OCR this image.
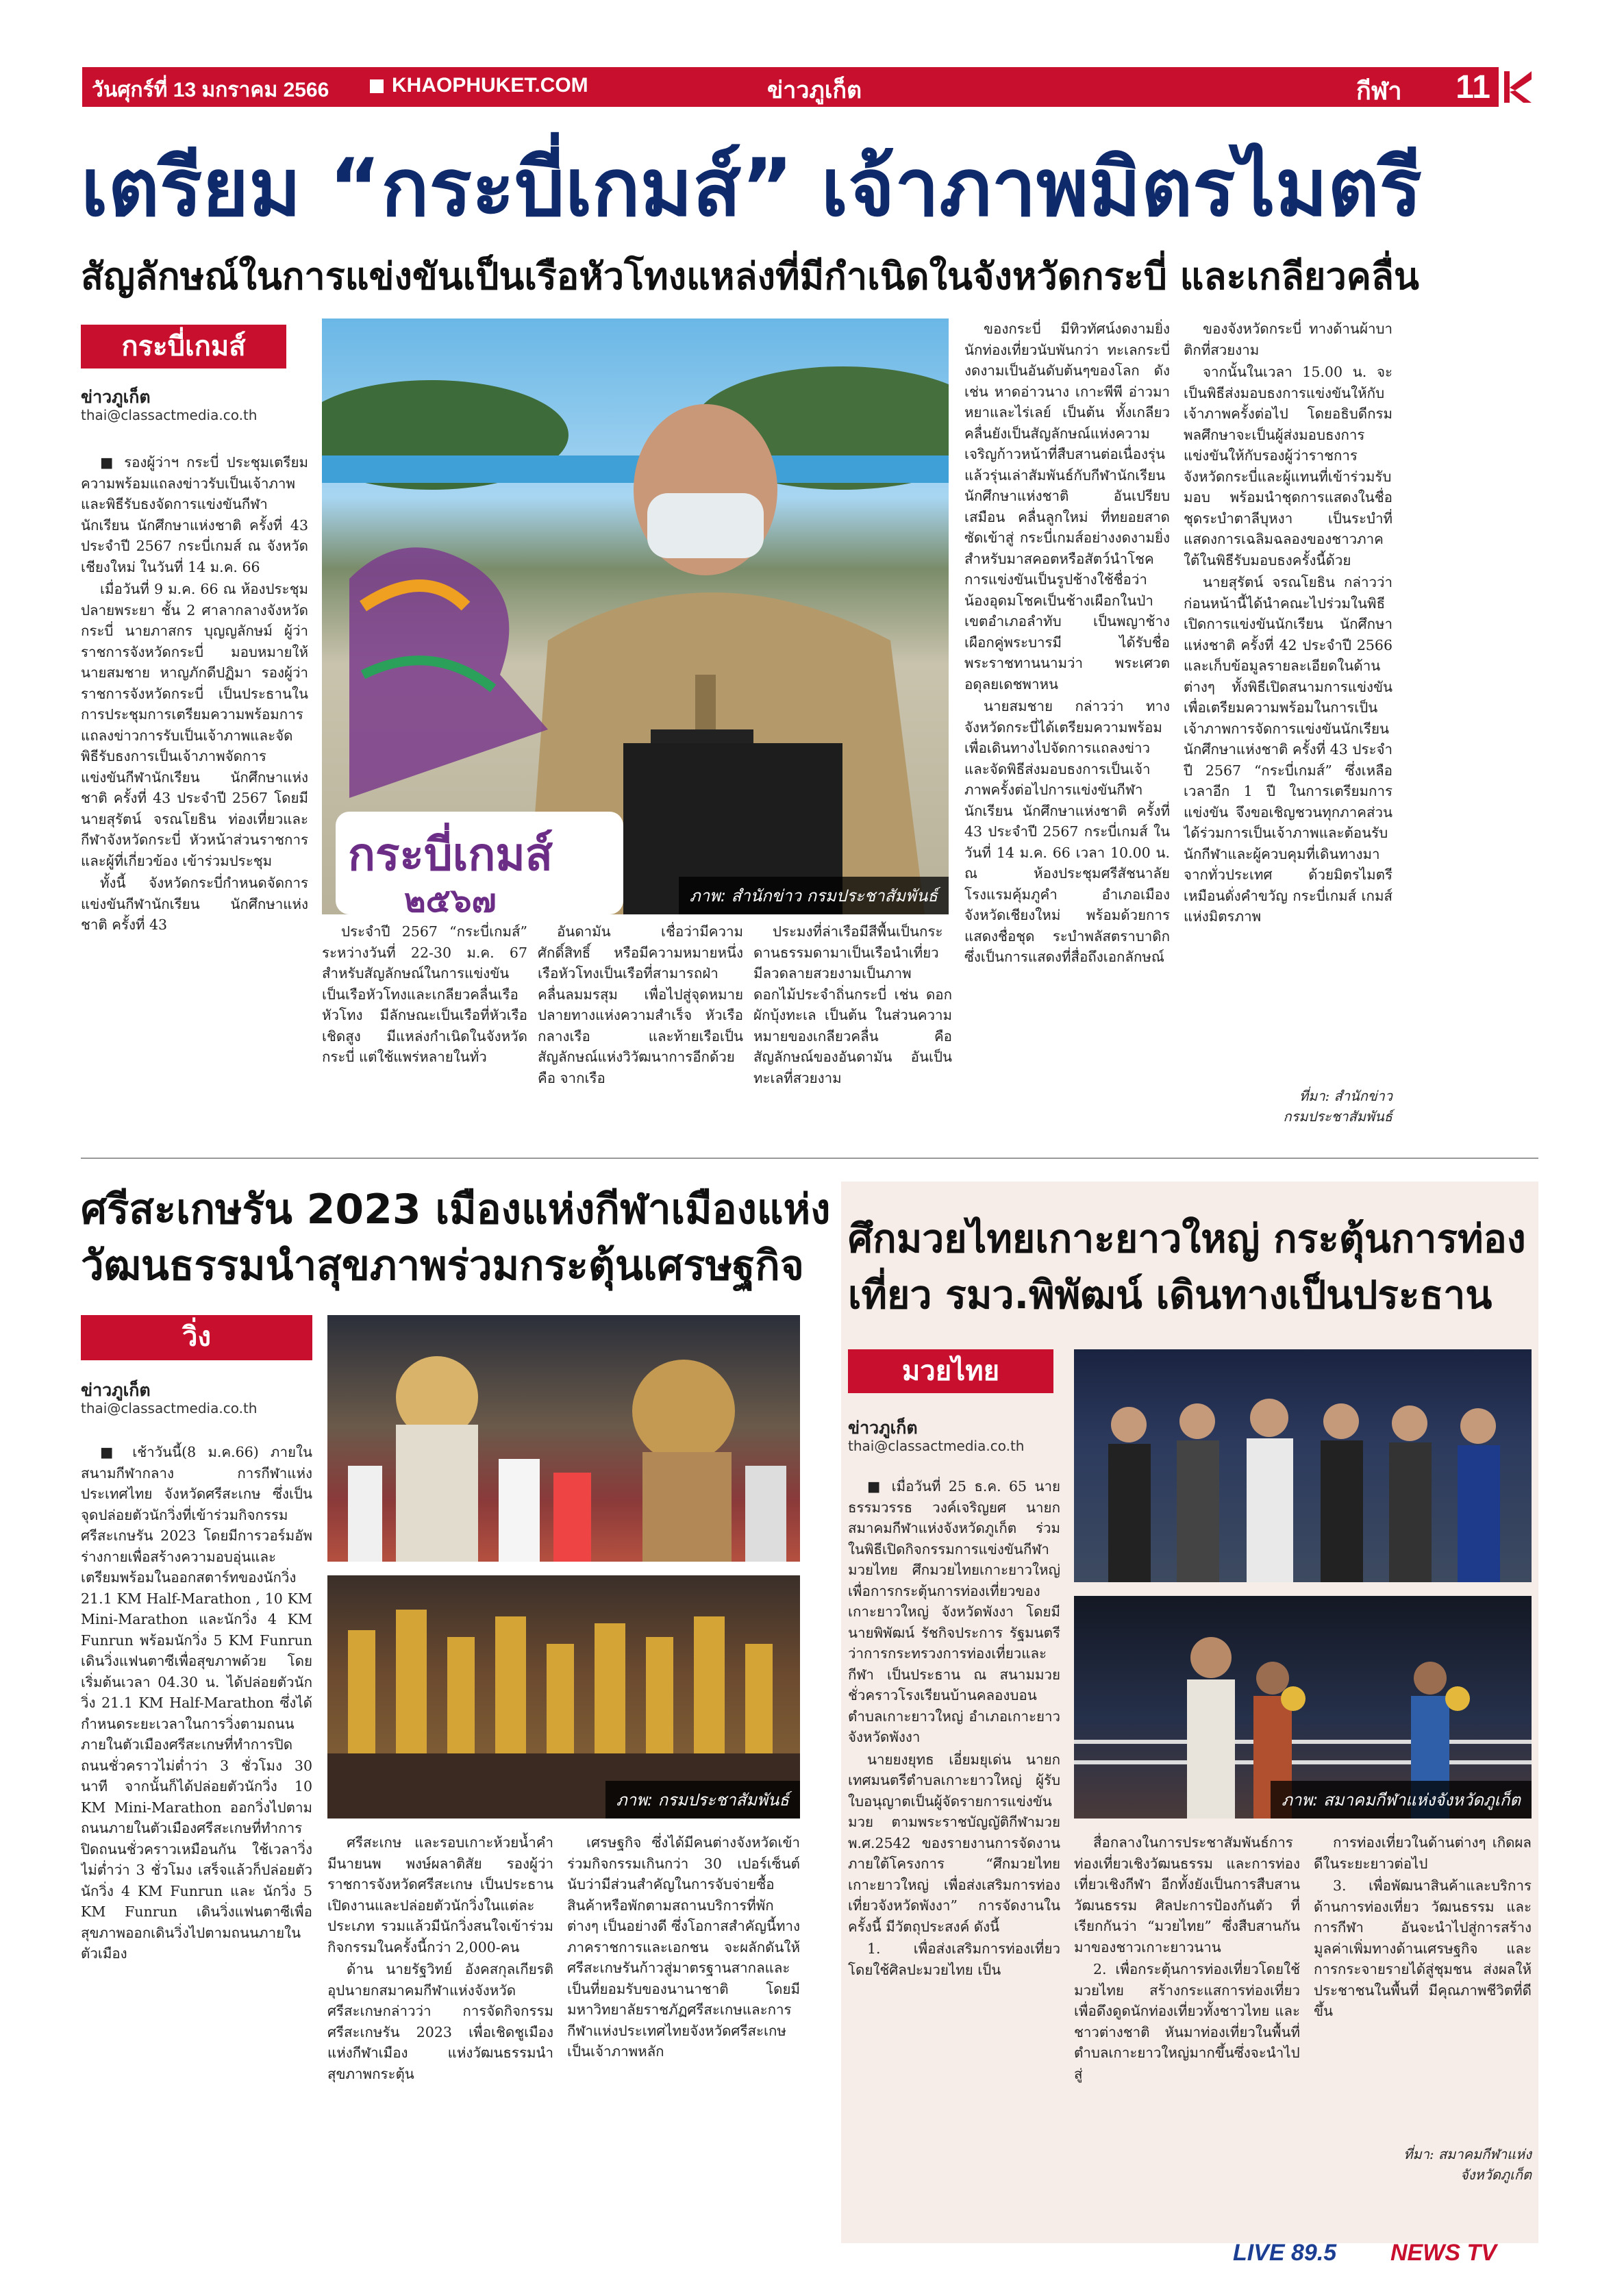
วันศุกร์ที่ 13 มกราคม 2566	KHAOPHUKET.COM	ข่าวภูเก็ต	กีฬา 11
เตรียม “กระบี่เกมส์” เจ้าภาพมิตรไมตรี
สัญลักษณ์ในการแข่งขันเป็นเรือหัวโทงแหล่งที่มีกำเนิดในจังหวัดกระบี่ และเกลียวคลื่น
กระบี่เกมส์
ข่าวภูเก็ต
thai@classactmedia.co.th

■ รองผู้ว่าฯ กระบี่ ประชุมเตรียมความพร้อมแถลงข่าวรับเป็นเจ้าภาพ และพิธีรับธงจัดการแข่งขันกีฬานักเรียน นักศึกษาแห่งชาติ ครั้งที่ 43 ประจำปี 2567 กระบี่เกมส์ ณ จังหวัดเชียงใหม่ ในวันที่ 14 ม.ค. 66

เมื่อวันที่ 9 ม.ค. 66 ณ ห้องประชุมปลายพระยา ชั้น 2 ศาลากลางจังหวัดกระบี่ นายภาสกร บุญญลักษม์ ผู้ว่าราชการจังหวัดกระบี่ มอบหมายให้ นายสมชาย หาญภักดีปฏิมา รองผู้ว่าราชการจังหวัดกระบี่ เป็นประธานในการประชุมการเตรียมความพร้อมการแถลงข่าวการรับเป็นเจ้าภาพและจัดพิธีรับธงการเป็นเจ้าภาพจัดการแข่งขันกีฬานักเรียน นักศึกษาแห่งชาติ ครั้งที่ 43 ประจำปี 2567 โดยมี นายสุรัตน์ จรณโยธิน ท่องเที่ยวและกีฬาจังหวัดกระบี่ หัวหน้าส่วนราชการและผู้ที่เกี่ยวข้อง เข้าร่วมประชุม

ทั้งนี้ จังหวัดกระบี่กำหนดจัดการแข่งขันกีฬานักเรียน นักศึกษาแห่งชาติ ครั้งที่ 43

กระบี่เกมส์
๒๕๖๗	ภาพ: สำนักข่าว กรมประชาสัมพันธ์

ประจำปี 2567 “กระบี่เกมส์” ระหว่างวันที่ 22-30 ม.ค. 67 สำหรับสัญลักษณ์ในการแข่งขันเป็นเรือหัวโทงและเกลียวคลื่นเรือหัวโทง มีลักษณะเป็นเรือที่หัวเรือเชิดสูง มีแหล่งกำเนิดในจังหวัดกระบี่ แต่ใช้แพร่หลายในทั่ว

อันดามัน เชื่อว่ามีความศักดิ์สิทธิ์ หรือมีความหมายหนึ่งเรือหัวโทงเป็นเรือที่สามารถฝ่าคลื่นลมมรสุม เพื่อไปสู่จุดหมายปลายทางแห่งความสำเร็จ หัวเรือ กลางเรือ และท้ายเรือเป็นสัญลักษณ์แห่งวิวัฒนาการอีกด้วย คือ จากเรือ

ประมงที่ล่าเรือมีสีพื้นเป็นกระดานธรรมดามาเป็นเรือนำเที่ยว มีลวดลายสวยงามเป็นภาพดอกไม้ประจำถิ่นกระบี่ เช่น ดอกผักบุ้งทะเล เป็นต้น ในส่วนความหมายของเกลียวคลื่น คือสัญลักษณ์ของอันดามัน อันเป็นทะเลที่สวยงาม

ของกระบี่ มีทิวทัศน์งดงามยิ่ง นักท่องเที่ยวนับพันกว่า ทะเลกระบี่งดงามเป็นอันดับต้นๆของโลก ดังเช่น หาดอ่าวนาง เกาะพีพี อ่าวมาหยาและไร่เลย์ เป็นต้น ทั้งเกลียวคลื่นยังเป็นสัญลักษณ์แห่งความเจริญก้าวหน้าที่สืบสานต่อเนื่องรุ่นแล้วรุ่นเล่าสัมพันธ์กับกีฬานักเรียน นักศึกษาแห่งชาติ อันเปรียบเสมือน คลื่นลูกใหม่ ที่ทยอยสาดซัดเข้าสู่ กระบี่เกมส์อย่างงดงามยิ่ง สำหรับมาสคอตหรือสัตว์นำโชคการแข่งขันเป็นรูปช้างใช้ชื่อว่าน้องอุดมโชคเป็นช้างเผือกในป่าเขตอำเภอลำทับ เป็นพญาช้างเผือกคู่พระบารมี ได้รับชื่อพระราชทานนามว่า พระเศวตอดุลยเดชพาหน

นายสมชาย กล่าวว่า ทางจังหวัดกระบี่ได้เตรียมความพร้อมเพื่อเดินทางไปจัดการแถลงข่าวและจัดพิธีส่งมอบธงการเป็นเจ้าภาพครั้งต่อไปการแข่งขันกีฬานักเรียน นักศึกษาแห่งชาติ ครั้งที่ 43 ประจำปี 2567 กระบี่เกมส์ ในวันที่ 14 ม.ค. 66 เวลา 10.00 น. ณ ห้องประชุมศรีสัชนาลัย โรงแรมคุ้มภูคำ อำเภอเมือง จังหวัดเชียงใหม่ พร้อมด้วยการแสดงชื่อชุด ระบำพลัสตราบาดิก ซึ่งเป็นการแสดงที่สื่อถึงเอกลักษณ์

ของจังหวัดกระบี่ ทางด้านผ้าบาติกที่สวยงาม

จากนั้นในเวลา 15.00 น. จะเป็นพิธีส่งมอบธงการแข่งขันให้กับเจ้าภาพครั้งต่อไป โดยอธิบดีกรมพลศึกษาจะเป็นผู้ส่งมอบธงการแข่งขันให้กับรองผู้ว่าราชการจังหวัดกระบี่และผู้แทนที่เข้าร่วมรับมอบ พร้อมนำชุดการแสดงในชื่อชุดระบำตาลีบุหงา เป็นระบำที่แสดงการเฉลิมฉลองของชาวภาคใต้ในพิธีรับมอบธงครั้งนี้ด้วย

นายสุรัตน์ จรณโยธิน กล่าวว่า ก่อนหน้านี้ได้นำคณะไปร่วมในพิธีเปิดการแข่งขันนักเรียน นักศึกษาแห่งชาติ ครั้งที่ 42 ประจำปี 2566 และเก็บข้อมูลรายละเอียดในด้านต่างๆ ทั้งพิธีเปิดสนามการแข่งขันเพื่อเตรียมความพร้อมในการเป็นเจ้าภาพการจัดการแข่งขันนักเรียน นักศึกษาแห่งชาติ ครั้งที่ 43 ประจำปี 2567 “กระบี่เกมส์” ซึ่งเหลือเวลาอีก 1 ปี ในการเตรียมการแข่งขัน จึงขอเชิญชวนทุกภาคส่วนได้ร่วมการเป็นเจ้าภาพและต้อนรับนักกีฬาและผู้ควบคุมที่เดินทางมาจากทั่วประเทศ ด้วยมิตรไมตรีเหมือนดั่งคำขวัญ กระบี่เกมส์ เกมส์แห่งมิตรภาพ

ที่มา: สำนักข่าว
กรมประชาสัมพันธ์
ศรีสะเกษรัน 2023 เมืองแห่งกีฬาเมืองแห่ง
วัฒนธรรมนำสุขภาพร่วมกระตุ้นเศรษฐกิจ
วิ่ง
ข่าวภูเก็ต
thai@classactmedia.co.th

■ เช้าวันนี้(8 ม.ค.66) ภายในสนามกีฬากลาง การกีฬาแห่งประเทศไทย จังหวัดศรีสะเกษ ซึ่งเป็นจุดปล่อยตัวนักวิ่งที่เข้าร่วมกิจกรรมศรีสะเกษรัน 2023 โดยมีการวอร์มอัพร่างกายเพื่อสร้างความอบอุ่นและเตรียมพร้อมในออกสตาร์ทของนักวิ่ง 21.1 KM Half-Marathon , 10 KM Mini-Marathon และนักวิ่ง 4 KM Funrun พร้อมนักวิ่ง 5 KM Funrun เดินวิ่งแฟนตาซีเพื่อสุขภาพด้วย โดยเริ่มต้นเวลา 04.30 น. ได้ปล่อยตัวนักวิ่ง 21.1 KM Half-Marathon ซึ่งได้กำหนดระยะเวลาในการวิ่งตามถนนภายในตัวเมืองศรีสะเกษที่ทำการปิดถนนชั่วคราวไม่ต่ำว่า 3 ชั่วโมง 30 นาที จากนั้นก็ได้ปล่อยตัวนักวิ่ง 10 KM Mini-Marathon ออกวิ่งไปตามถนนภายในตัวเมืองศรีสะเกษที่ทำการปิดถนนชั่วคราวเหมือนกัน ใช้เวลาวิ่งไม่ต่ำว่า 3 ชั่วโมง เสร็จแล้วก็ปล่อยตัวนักวิ่ง 4 KM Funrun และ นักวิ่ง 5 KM Funrun เดินวิ่งแฟนตาซีเพื่อสุขภาพออกเดินวิ่งไปตามถนนภายในตัวเมือง

ภาพ: กรมประชาสัมพันธ์

ศรีสะเกษ และรอบเกาะห้วยน้ำคำ มีนายนพ พงษ์ผลาติสัย รองผู้ว่าราชการจังหวัดศรีสะเกษ เป็นประธานเปิดงานและปล่อยตัวนักวิ่งในแต่ละประเภท รวมแล้วมีนักวิ่งสนใจเข้าร่วมกิจกรรมในครั้งนี้กว่า 2,000-คน

ด้าน นายรัฐวิทย์ อังคสกุลเกียรติ อุปนายกสมาคมกีฬาแห่งจังหวัดศรีสะเกษกล่าวว่า การจัดกิจกรรมศรีสะเกษรัน 2023 เพื่อเชิดชูเมืองแห่งกีฬาเมือง แห่งวัฒนธรรมนำสุขภาพกระตุ้น

เศรษฐกิจ ซึ่งได้มีคนต่างจังหวัดเข้าร่วมกิจกรรมเกินกว่า 30 เปอร์เซ็นต์ นับว่ามีส่วนสำคัญในการจับจ่ายซื้อสินค้าหรือพักตามสถานบริการที่พักต่างๆ เป็นอย่างดี ซึ่งโอกาสสำคัญนี้ทางภาคราชการและเอกชน จะผลักดันให้ศรีสะเกษรันก้าวสู่มาตรฐานสากลและเป็นที่ยอมรับของนานาชาติ โดยมีมหาวิทยาลัยราชภัฏศรีสะเกษและการกีฬาแห่งประเทศไทยจังหวัดศรีสะเกษเป็นเจ้าภาพหลัก

ศึกมวยไทยเกาะยาวใหญ่ กระตุ้นการท่อง
เที่ยว รมว.พิพัฒน์ เดินทางเป็นประธาน
มวยไทย
ข่าวภูเก็ต
thai@classactmedia.co.th

■ เมื่อวันที่ 25 ธ.ค. 65 นายธรรมวรรธ วงค์เจริญยศ นายกสมาคมกีฬาแห่งจังหวัดภูเก็ต ร่วมในพิธีเปิดกิจกรรมการแข่งขันกีฬามวยไทย ศึกมวยไทยเกาะยาวใหญ่ เพื่อการกระตุ้นการท่องเที่ยวของเกาะยาวใหญ่ จังหวัดพังงา โดยมี นายพิพัฒน์ รัชกิจประการ รัฐมนตรีว่าการกระทรวงการท่องเที่ยวและกีฬา เป็นประธาน ณ สนามมวยชั่วคราวโรงเรียนบ้านคลองบอน ตำบลเกาะยาวใหญ่ อำเภอเกาะยาว จังหวัดพังงา

นายยงยุทธ เอี่ยมยุเด่น นายกเทศมนตรีตำบลเกาะยาวใหญ่ ผู้รับใบอนุญาตเป็นผู้จัดรายการแข่งขันมวย ตามพระราชบัญญัติกีฬามวย พ.ศ.2542 ของรายงานการจัดงานภายใต้โครงการ “ศึกมวยไทยเกาะยาวใหญ่ เพื่อส่งเสริมการท่องเที่ยวจังหวัดพังงา” การจัดงานในครั้งนี้ มีวัตถุประสงค์ ดังนี้

1. เพื่อส่งเสริมการท่องเที่ยว โดยใช้ศิลปะมวยไทย เป็น

ภาพ: สมาคมกีฬาแห่งจังหวัดภูเก็ต

สื่อกลางในการประชาสัมพันธ์การท่องเที่ยวเชิงวัฒนธรรม และการท่องเที่ยวเชิงกีฬา อีกทั้งยังเป็นการสืบสานวัฒนธรรม ศิลปะการป้องกันตัว ที่เรียกกันว่า “มวยไทย” ซึ่งสืบสานกันมาของชาวเกาะยาวนาน

2. เพื่อกระตุ้นการท่องเที่ยวโดยใช้มวยไทย สร้างกระแสการท่องเที่ยว เพื่อดึงดูดนักท่องเที่ยวทั้งชาวไทย และชาวต่างชาติ หันมาท่องเที่ยวในพื้นที่ตำบลเกาะยาวใหญ่มากขึ้นซึ่งจะนำไปสู่

การท่องเที่ยวในด้านต่างๆ เกิดผลดีในระยะยาวต่อไป

3. เพื่อพัฒนาสินค้าและบริการด้านการท่องเที่ยว วัฒนธรรม และการกีฬา อันจะนำไปสู่การสร้างมูลค่าเพิ่มทางด้านเศรษฐกิจ และการกระจายรายได้สู่ชุมชน ส่งผลให้ประชาชนในพื้นที่ มีคุณภาพชีวิตที่ดีขึ้น

ที่มา: สมาคมกีฬาแห่ง
จังหวัดภูเก็ต
LIVE 89.5 NEWS TV
